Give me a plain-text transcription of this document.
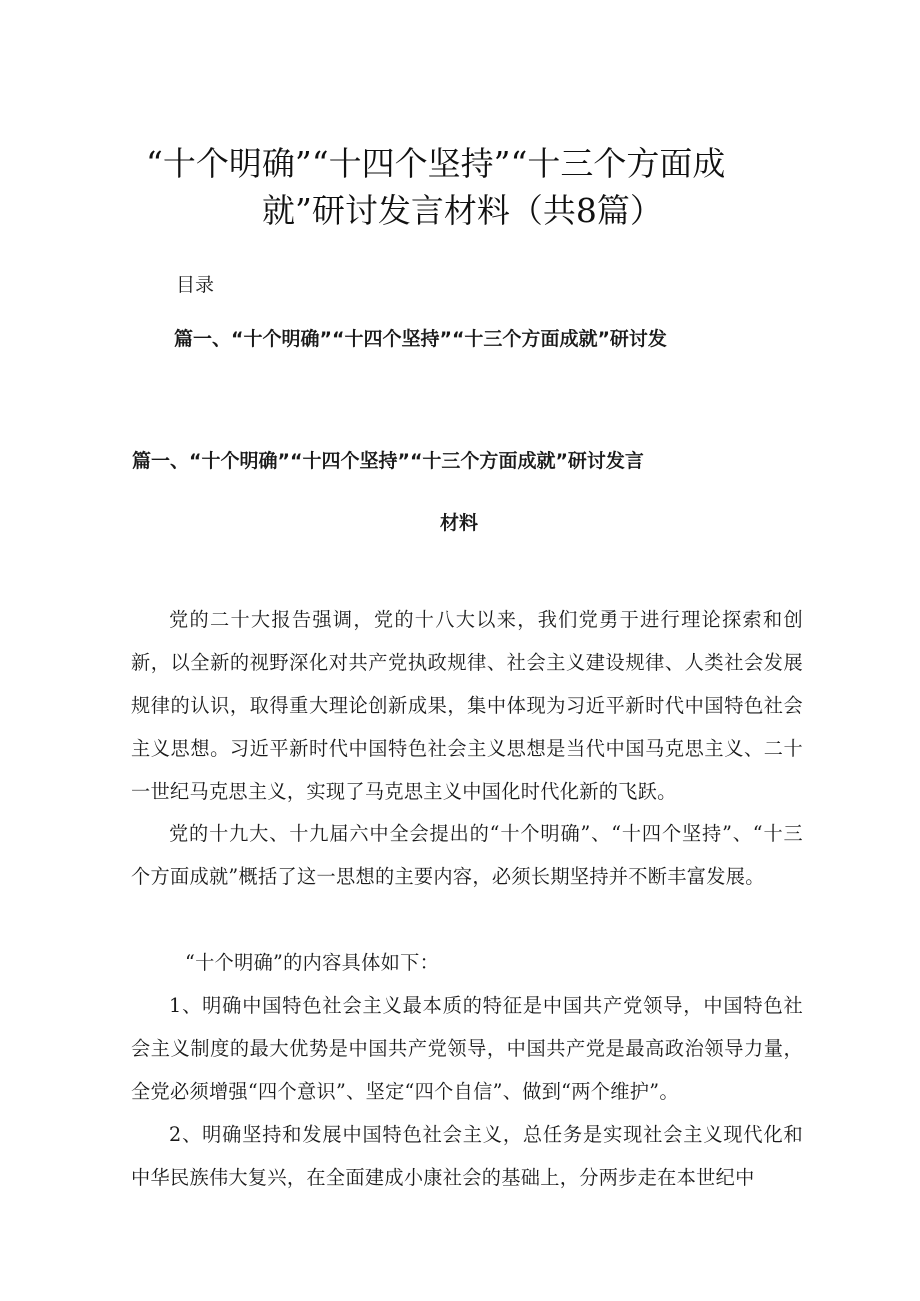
“十个明确”“十四个坚持”“十三个方面成
就”研讨发言材料（共8篇）
目录
篇一、“十个明确”“十四个坚持”“十三个方面成就”研讨发
篇一、“十个明确”“十四个坚持”“十三个方面成就”研讨发言
材料

党的二十大报告强调，党的十八大以来，我们党勇于进行理论探索和创新，以全新的视野深化对共产党执政规律、社会主义建设规律、人类社会发展规律的认识，取得重大理论创新成果，集中体现为习近平新时代中国特色社会主义思想。习近平新时代中国特色社会主义思想是当代中国马克思主义、二十一世纪马克思主义，实现了马克思主义中国化时代化新的飞跃。

党的十九大、十九届六中全会提出的“十个明确”、“十四个坚持”、“十三个方面成就”概括了这一思想的主要内容，必须长期坚持并不断丰富发展。

“十个明确”的内容具体如下：

1、明确中国特色社会主义最本质的特征是中国共产党领导，中国特色社会主义制度的最大优势是中国共产党领导，中国共产党是最高政治领导力量，全党必须增强“四个意识”、坚定“四个自信”、做到“两个维护”。

2、明确坚持和发展中国特色社会主义，总任务是实现社会主义现代化和中华民族伟大复兴，在全面建成小康社会的基础上，分两步走在本世纪中
